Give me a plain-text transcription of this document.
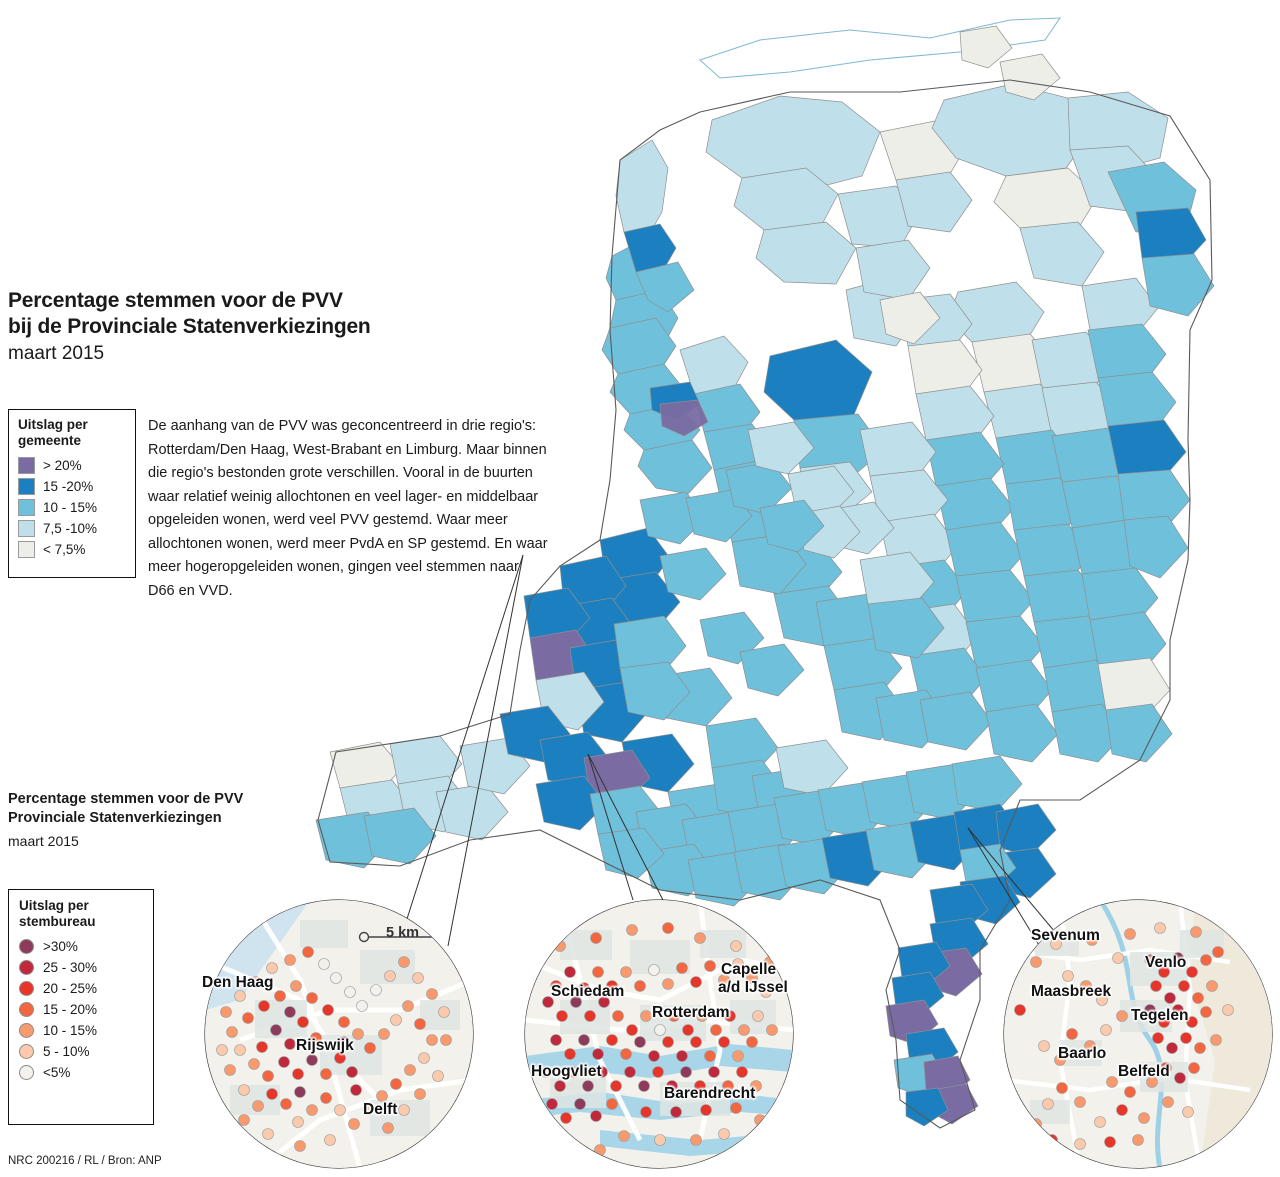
Percentage stemmen voor de PVV
bij de Provinciale Statenverkiezingen
maart 2015
Uitslag per
gemeente
> 20%
15 -20%
10 - 15%
7,5 -10%
< 7,5%

De aanhang van de PVV was geconcentreerd in drie regio's: Rotterdam/Den Haag, West-Brabant en Limburg. Maar binnen die regio's bestonden grote verschillen. Vooral in de buurten waar relatief weinig allochtonen en veel lager- en middelbaar opgeleiden wonen, werd veel PVV gestemd. Waar meer allochtonen wonen, werd meer PvdA en SP gestemd. En waar meer hogeropgeleiden wonen, gingen veel stemmen naar D66 en VVD.

Percentage stemmen voor de PVV
Provinciale Statenverkiezingen
maart 2015
Uitslag per
stembureau
>30%
25 - 30%
20 - 25%
15 - 20%
10 - 15%
5 - 10%
<5%
5 km
Den Haag
Rijswijk
Delft
Capelle
a/d IJssel
Schiedam
Rotterdam
Hoogvliet
Barendrecht
Sevenum
Venlo
Maasbreek
Tegelen
Baarlo
Belfeld
NRC 200216 / RL / Bron: ANP
